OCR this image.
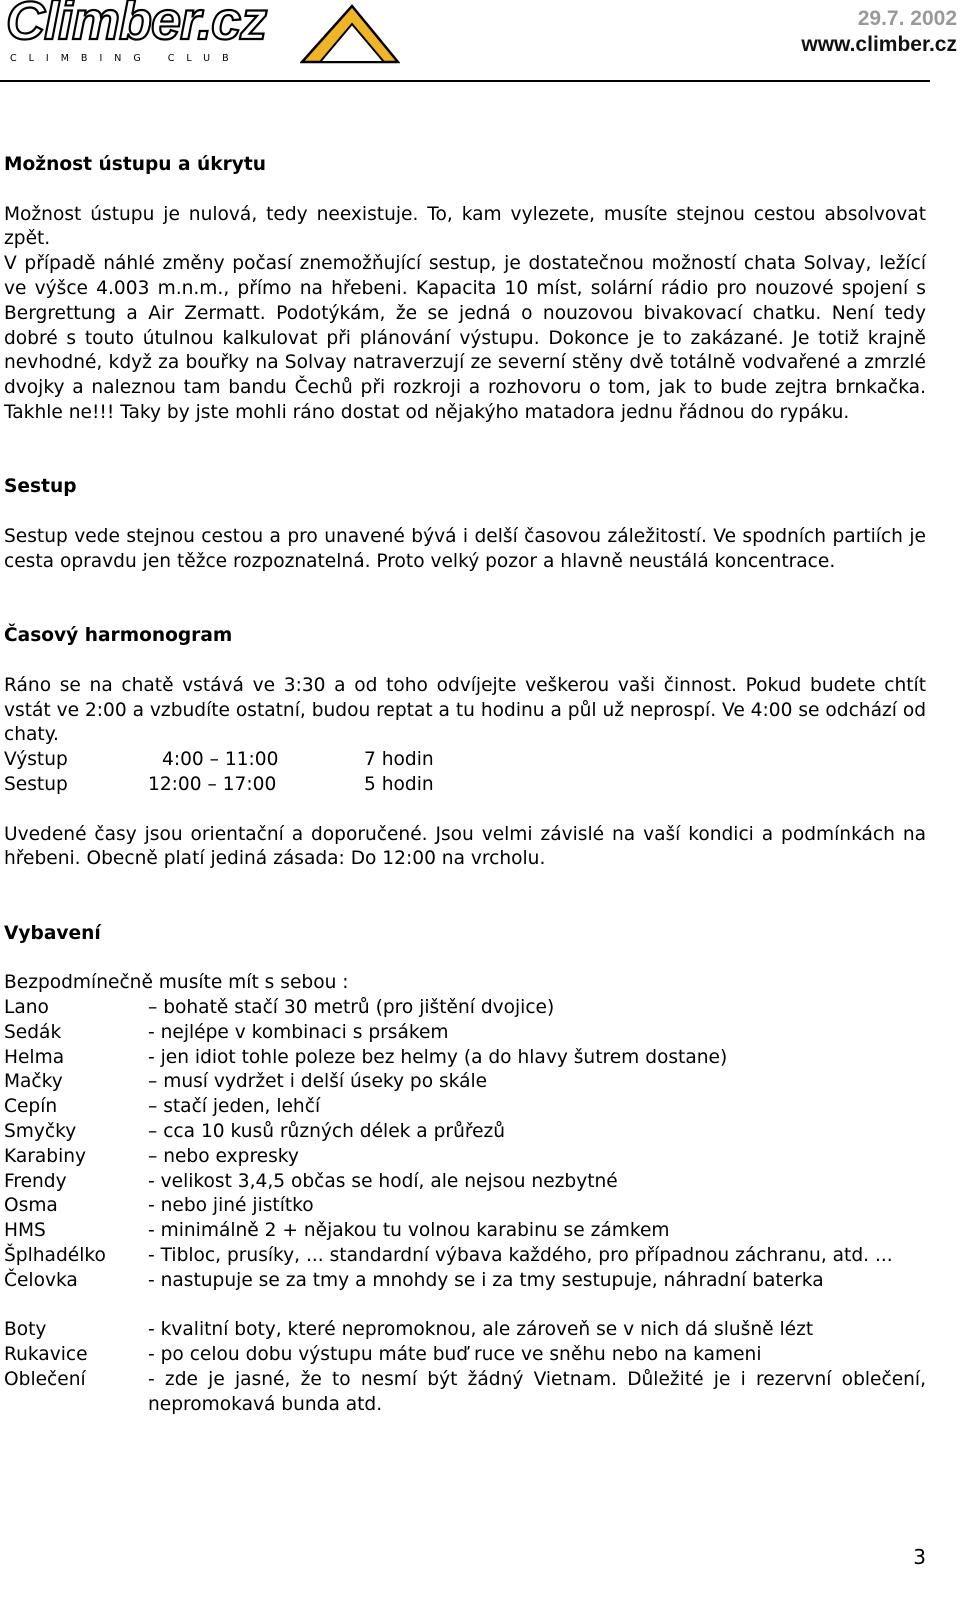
Climber.cz
CLIMBING CLUB
29.7. 2002
www.climber.cz
Možnost ústupu a úkrytu

Možnost ústupu je nulová, tedy neexistuje. To, kam vylezete, musíte stejnou cestou absolvovat zpět.

V případě náhlé změny počasí znemožňující sestup, je dostatečnou možností chata Solvay, ležící ve výšce 4.003 m.n.m., přímo na hřebeni. Kapacita 10 míst, solární rádio pro nouzové spojení s Bergrettung a Air Zermatt. Podotýkám, že se jedná o nouzovou bivakovací chatku. Není tedy dobré s touto útulnou kalkulovat při plánování výstupu. Dokonce je to zakázané. Je totiž krajně nevhodné, když za bouřky na Solvay natraverzují ze severní stěny dvě totálně vodvařené a zmrzlé dvojky a naleznou tam bandu Čechů při rozkroji a rozhovoru o tom, jak to bude zejtra brnkačka. Takhle ne!!! Taky by jste mohli ráno dostat od nějakýho matadora jednu řádnou do rypáku.

Sestup

Sestup vede stejnou cestou a pro unavené bývá i delší časovou záležitostí. Ve spodních partiích je cesta opravdu jen těžce rozpoznatelná. Proto velký pozor a hlavně neustálá koncentrace.

Časový harmonogram

Ráno se na chatě vstává ve 3:30 a od toho odvíjejte veškerou vaši činnost. Pokud budete chtít vstát ve 2:00 a vzbudíte ostatní, budou reptat a tu hodinu a půl už neprospí. Ve 4:00 se odchází od chaty.

Výstup	4:00 – 11:00	7 hodin
Sestup	12:00 – 17:00	5 hodin

Uvedené časy jsou orientační a doporučené. Jsou velmi závislé na vaší kondici a podmínkách na hřebeni. Obecně platí jediná zásada: Do 12:00 na vrcholu.

Vybavení

Bezpodmínečně musíte mít s sebou :

Lano	– bohatě stačí 30 metrů (pro jištění dvojice)
Sedák	- nejlépe v kombinaci s prsákem
Helma	- jen idiot tohle poleze bez helmy (a do hlavy šutrem dostane)
Mačky	– musí vydržet i delší úseky po skále
Cepín	– stačí jeden, lehčí
Smyčky	– cca 10 kusů různých délek a průřezů
Karabiny	– nebo expresky
Frendy	- velikost 3,4,5 občas se hodí, ale nejsou nezbytné
Osma	- nebo jiné jistítko
HMS	- minimálně 2 + nějakou tu volnou karabinu se zámkem
Šplhadélko	- Tibloc, prusíky, ... standardní výbava každého, pro případnou záchranu, atd. ...
Čelovka	- nastupuje se za tmy a mnohdy se i za tmy sestupuje, náhradní baterka
Boty	- kvalitní boty, které nepromoknou, ale zároveň se v nich dá slušně lézt
Rukavice	- po celou dobu výstupu máte buď ruce ve sněhu nebo na kameni
Oblečení	- zde je jasné, že to nesmí být žádný Vietnam. Důležité je i rezervní oblečení, nepromokavá bunda atd.
3
